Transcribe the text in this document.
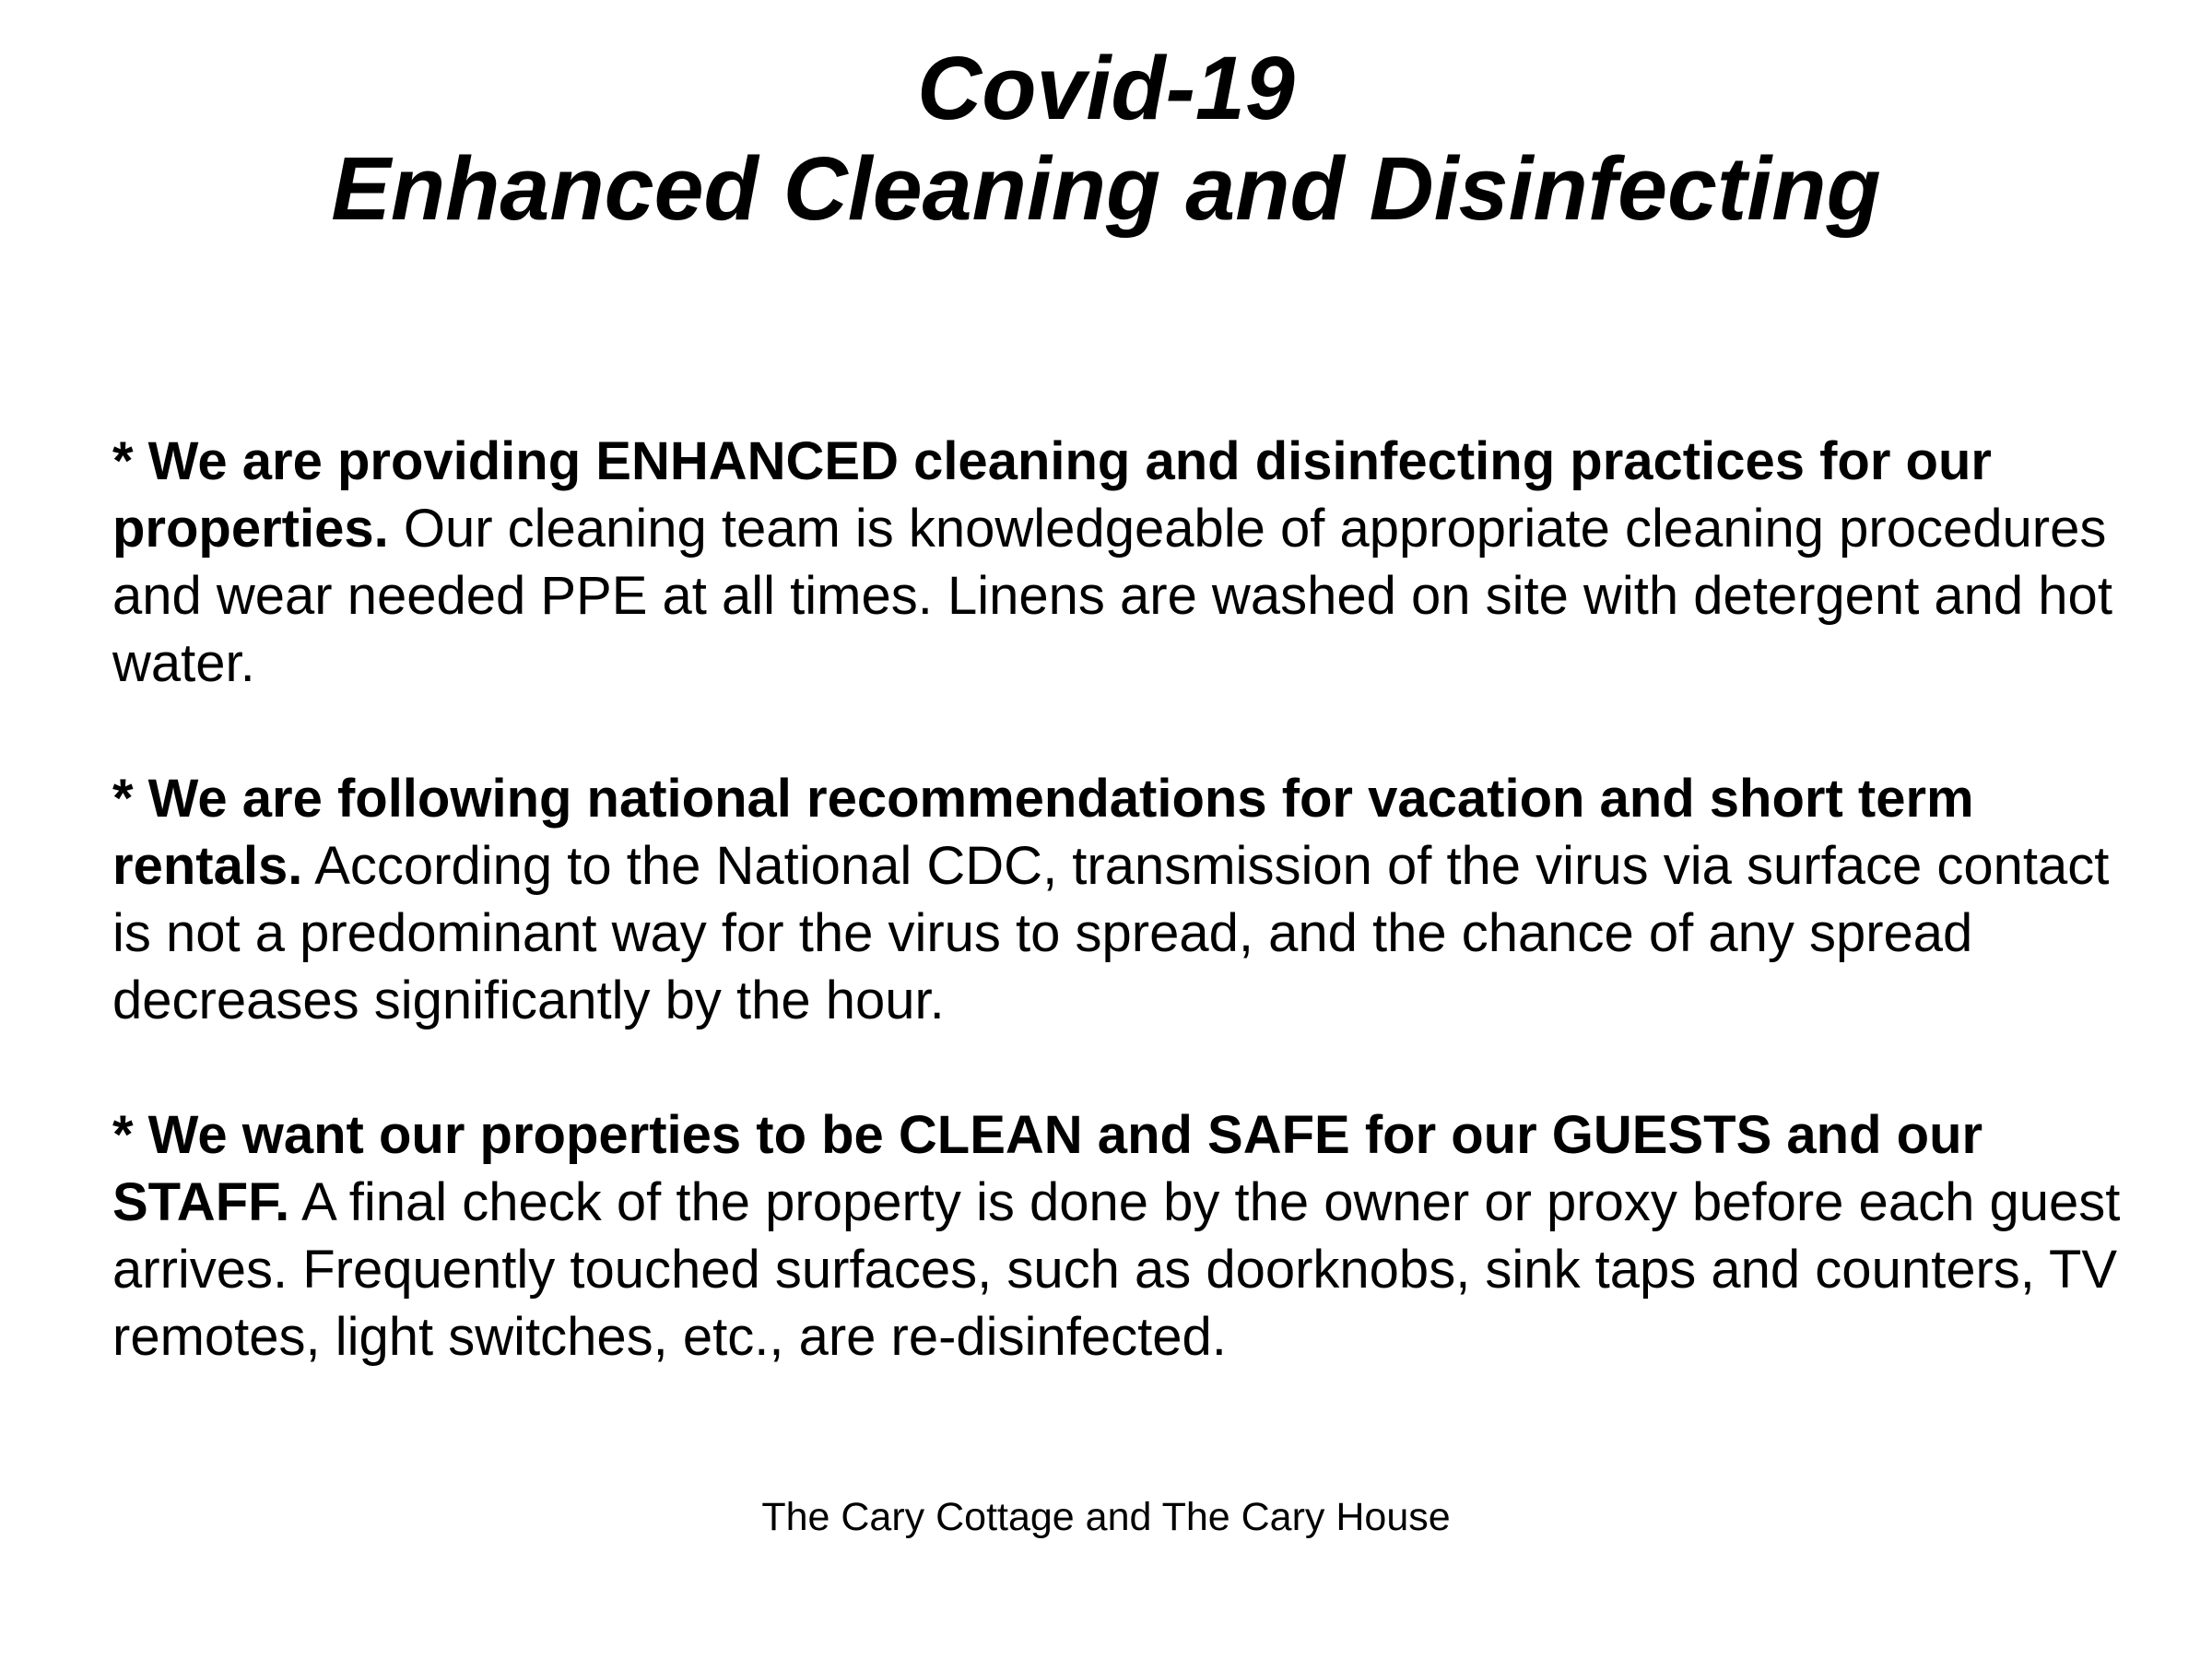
Covid-19
Enhanced Cleaning and Disinfecting

* We are providing ENHANCED cleaning and disinfecting practices for our properties. Our cleaning team is knowledgeable of appropriate cleaning procedures and wear needed PPE at all times. Linens are washed on site with detergent and hot water.

* We are following national recommendations for vacation and short term rentals. According to the National CDC, transmission of the virus via surface contact is not a predominant way for the virus to spread, and the chance of any spread decreases significantly by the hour.

* We want our properties to be CLEAN and SAFE for our GUESTS and our STAFF. A final check of the property is done by the owner or proxy before each guest arrives. Frequently touched surfaces, such as doorknobs, sink taps and counters, TV remotes, light switches, etc., are re-disinfected.

The Cary Cottage and The Cary House
